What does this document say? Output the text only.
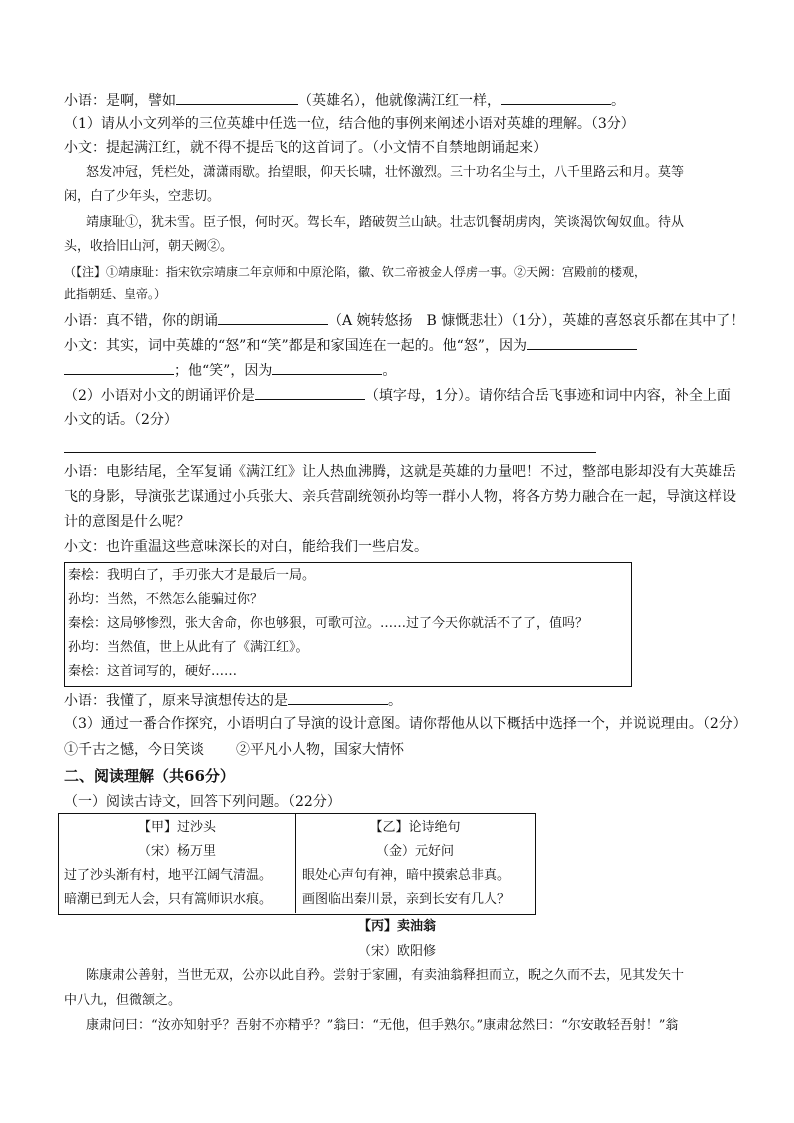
小语：是啊，譬如	（英雄名），他就像满江红一样，	。
（1）请从小文列举的三位英雄中任选一位，结合他的事例来阐述小语对英雄的理解。（3分）
小文：提起满江红，就不得不提岳飞的这首词了。（小文情不自禁地朗诵起来）
怒发冲冠，凭栏处，潇潇雨歇。抬望眼，仰天长啸，壮怀激烈。三十功名尘与土，八千里路云和月。莫等
闲，白了少年头，空悲切。
靖康耻①，犹未雪。臣子恨，何时灭。驾长车，踏破贺兰山缺。壮志饥餐胡虏肉，笑谈渴饮匈奴血。待从
头，收拾旧山河，朝天阙②。
（【注】①靖康耻：指宋钦宗靖康二年京师和中原沦陷，徽、钦二帝被金人俘虏一事。②天阙：宫殿前的楼观，
此指朝廷、皇帝。）
小语：真不错，你的朗诵	（A 婉转悠扬　B 慷慨悲壮）（1分），英雄的喜怒哀乐都在其中了！
小文：其实，词中英雄的“怒”和“笑”都是和家国连在一起的。他“怒”，因为
；他“笑”，因为	。
（2）小语对小文的朗诵评价是	（填字母，1分）。请你结合岳飞事迹和词中内容，补全上面
小文的话。（2分）
小语：电影结尾，全军复诵《满江红》让人热血沸腾，这就是英雄的力量吧！不过，整部电影却没有大英雄岳
飞的身影，导演张艺谋通过小兵张大、亲兵营副统领孙均等一群小人物，将各方势力融合在一起，导演这样设
计的意图是什么呢？
小文：也许重温这些意味深长的对白，能给我们一些启发。
秦桧：我明白了，手刃张大才是最后一局。
孙均：当然，不然怎么能骗过你？
秦桧：这局够惨烈，张大舍命，你也够狠，可歌可泣。……过了今天你就活不了了，值吗？
孙均：当然值，世上从此有了《满江红》。
秦桧：这首词写的，硬好……
小语：我懂了，原来导演想传达的是	。
（3）通过一番合作探究，小语明白了导演的设计意图。请你帮他从以下概括中选择一个，并说说理由。（2分）
①千古之憾，今日笑谈 ②平凡小人物，国家大情怀
二、阅读理解（共66分）
（一）阅读古诗文，回答下列问题。（22分）
【甲】过沙头
（宋）杨万里
过了沙头渐有村，地平江阔气清温。
暗潮已到无人会，只有篙师识水痕。
【乙】论诗绝句
（金）元好问
眼处心声句有神，暗中摸索总非真。
画图临出秦川景，亲到长安有几人？
【丙】卖油翁
（宋）欧阳修
陈康肃公善射，当世无双，公亦以此自矜。尝射于家圃，有卖油翁释担而立，睨之久而不去，见其发矢十
中八九，但微颔之。
康肃问曰：“汝亦知射乎？吾射不亦精乎？”翁曰：“无他，但手熟尔。”康肃忿然曰：“尔安敢轻吾射！”翁
